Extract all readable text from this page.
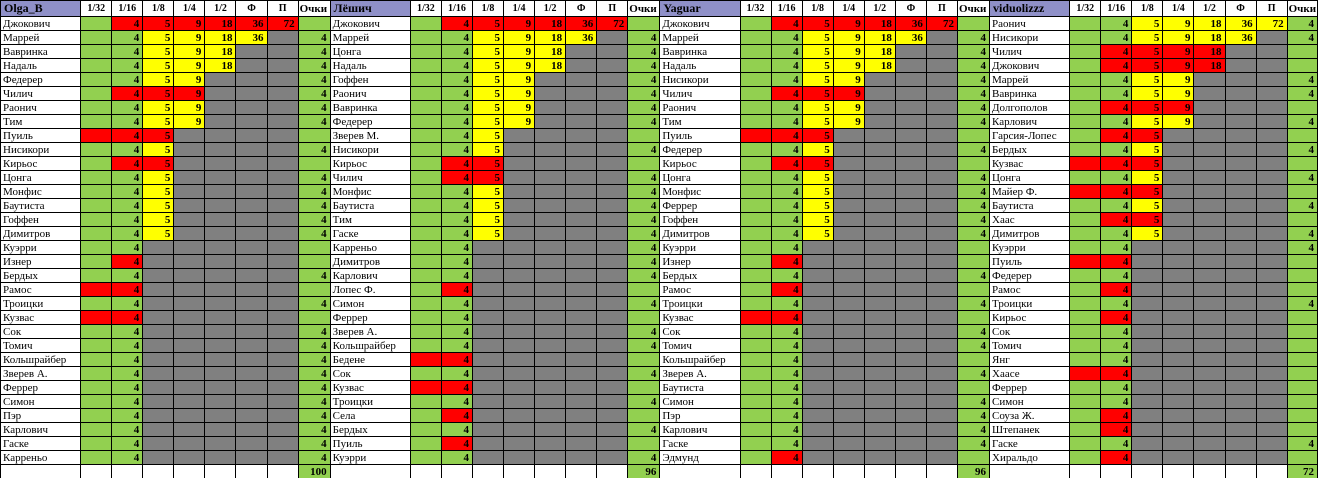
Olga_B	1/32	1/16	1/8	1/4	1/2	Ф	П	Очки	Лёшич	1/32	1/16	1/8	1/4	1/2	Ф	П	Очки	Yaguar	1/32	1/16	1/8	1/4	1/2	Ф	П	Очки	viduolizzz	1/32	1/16	1/8	1/4	1/2	Ф	П	Очки
Джокович		4	5	9	18	36	72		Джокович		4	5	9	18	36	72		Джокович		4	5	9	18	36	72		Раонич		4	5	9	18	36	72	4
Маррей		4	5	9	18	36		4	Маррей		4	5	9	18	36		4	Маррей		4	5	9	18	36		4	Нисикори		4	5	9	18	36		4
Вавринка		4	5	9	18			4	Цонга		4	5	9	18			4	Вавринка		4	5	9	18			4	Чилич		4	5	9	18			
Надаль		4	5	9	18			4	Надаль		4	5	9	18			4	Надаль		4	5	9	18			4	Джокович		4	5	9	18			
Федерер		4	5	9				4	Гоффен		4	5	9				4	Нисикори		4	5	9				4	Маррей		4	5	9				4
Чилич		4	5	9				4	Раонич		4	5	9				4	Чилич		4	5	9				4	Вавринка		4	5	9				4
Раонич		4	5	9				4	Вавринка		4	5	9				4	Раонич		4	5	9				4	Долгополов		4	5	9				
Тим		4	5	9				4	Федерер		4	5	9				4	Тим		4	5	9				4	Карлович		4	5	9				4
Пуиль		4	5						Зверев М.		4	5						Пуиль		4	5						Гарсия-Лопес		4	5					
Нисикори		4	5					4	Нисикори		4	5					4	Федерер		4	5					4	Бердых		4	5					4
Кирьос		4	5						Кирьос		4	5						Кирьос		4	5						Кузвас		4	5					
Цонга		4	5					4	Чилич		4	5					4	Цонга		4	5					4	Цонга		4	5					4
Монфис		4	5					4	Монфис		4	5					4	Монфис		4	5					4	Майер Ф.		4	5					
Баутиста		4	5					4	Баутиста		4	5					4	Феррер		4	5					4	Баутиста		4	5					4
Гоффен		4	5					4	Тим		4	5					4	Гоффен		4	5					4	Хаас		4	5					
Димитров		4	5					4	Гаске		4	5					4	Димитров		4	5					4	Димитров		4	5					4
Куэрри		4							Карреньо		4						4	Куэрри		4							Куэрри		4						4
Изнер		4							Димитров		4						4	Изнер		4							Пуиль		4						
Бердых		4						4	Карлович		4						4	Бердых		4						4	Федерер		4						
Рамос		4							Лопес Ф.		4							Рамос		4							Рамос		4						
Троицки		4						4	Симон		4						4	Троицки		4						4	Троицки		4						4
Кузвас		4							Феррер		4							Кузвас		4							Кирьос		4						
Сок		4						4	Зверев А.		4						4	Сок		4						4	Сок		4						
Томич		4						4	Кольшрайбер		4						4	Томич		4						4	Томич		4						
Кольшрайбер		4						4	Бедене		4							Кольшрайбер		4							Янг		4						
Зверев А.		4						4	Сок		4						4	Зверев А.		4						4	Хаасе		4						
Феррер		4						4	Кузвас		4							Баутиста		4							Феррер		4						
Симон		4						4	Троицки		4						4	Симон		4						4	Симон		4						
Пэр		4						4	Села		4							Пэр		4						4	Соуза Ж.		4						
Карлович		4						4	Бердых		4						4	Карлович		4						4	Штепанек		4						
Гаске		4						4	Пуиль		4							Гаске		4						4	Гаске		4						4
Карреньо		4						4	Куэрри		4						4	Эдмунд		4							Хиральдо		4						
								100									96									96									72
